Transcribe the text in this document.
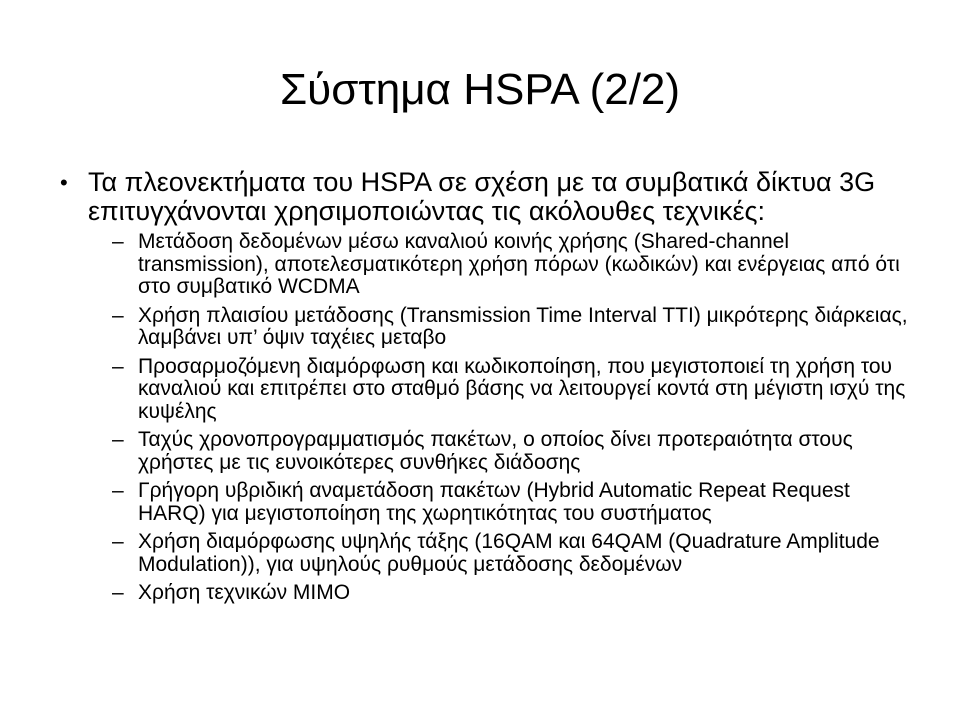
Σύστημα HSPA (2/2)
• Τα πλεονεκτήματα του HSPA σε σχέση με τα συμβατικά δίκτυα 3G επιτυγχάνονται χρησιμοποιώντας τις ακόλουθες τεχνικές:
– Μετάδοση δεδομένων μέσω καναλιού κοινής χρήσης (Shared-channel transmission), αποτελεσματικότερη χρήση πόρων (κωδικών) και ενέργειας από ότι στο συμβατικό WCDMA
– Χρήση πλαισίου μετάδοσης (Transmission Time Interval TTI) μικρότερης διάρκειας, λαμβάνει υπ’ όψιν ταχέιες μεταβο
– Προσαρμοζόμενη διαμόρφωση και κωδικοποίηση, που μεγιστοποιεί τη χρήση του καναλιού και επιτρέπει στο σταθμό βάσης να λειτουργεί κοντά στη μέγιστη ισχύ της κυψέλης
– Ταχύς χρονοπρογραμματισμός πακέτων, ο οποίος δίνει προτεραιότητα στους χρήστες με τις ευνοικότερες συνθήκες διάδοσης
– Γρήγορη υβριδική αναμετάδοση πακέτων (Hybrid Automatic Repeat Request HARQ) για μεγιστοποίηση της χωρητικότητας του συστήματος
– Χρήση διαμόρφωσης υψηλής τάξης (16QAM και 64QAM (Quadrature Amplitude Modulation)), για υψηλούς ρυθμούς μετάδοσης δεδομένων
– Χρήση τεχνικών MIMO
